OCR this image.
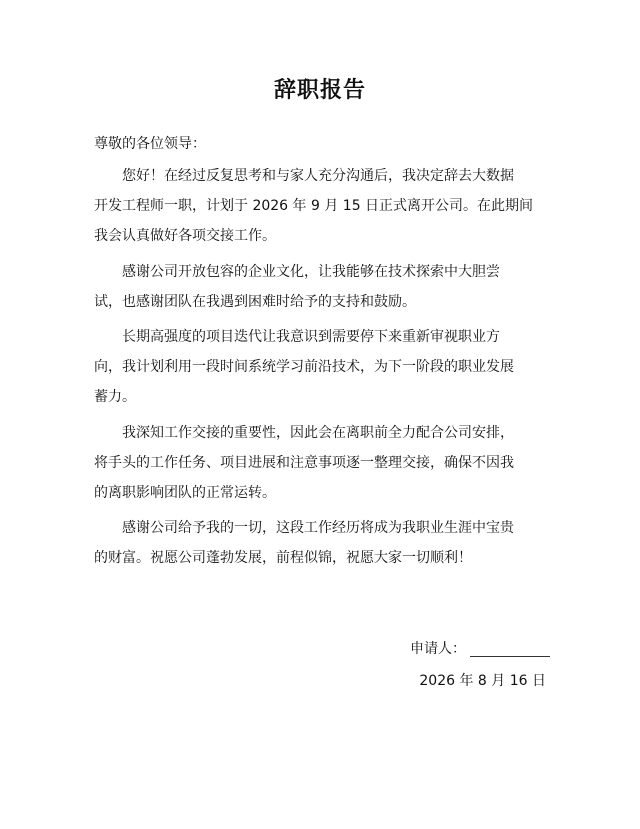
辞职报告
尊敬的各位领导：
您好！在经过反复思考和与家人充分沟通后，我决定辞去大数据
开发工程师一职，计划于 2026 年 9 月 15 日正式离开公司。在此期间
我会认真做好各项交接工作。
感谢公司开放包容的企业文化，让我能够在技术探索中大胆尝
试，也感谢团队在我遇到困难时给予的支持和鼓励。
长期高强度的项目迭代让我意识到需要停下来重新审视职业方
向，我计划利用一段时间系统学习前沿技术，为下一阶段的职业发展
蓄力。
我深知工作交接的重要性，因此会在离职前全力配合公司安排，
将手头的工作任务、项目进展和注意事项逐一整理交接，确保不因我
的离职影响团队的正常运转。
感谢公司给予我的一切，这段工作经历将成为我职业生涯中宝贵
的财富。祝愿公司蓬勃发展，前程似锦，祝愿大家一切顺利！
申请人：
2026 年 8 月 16 日
